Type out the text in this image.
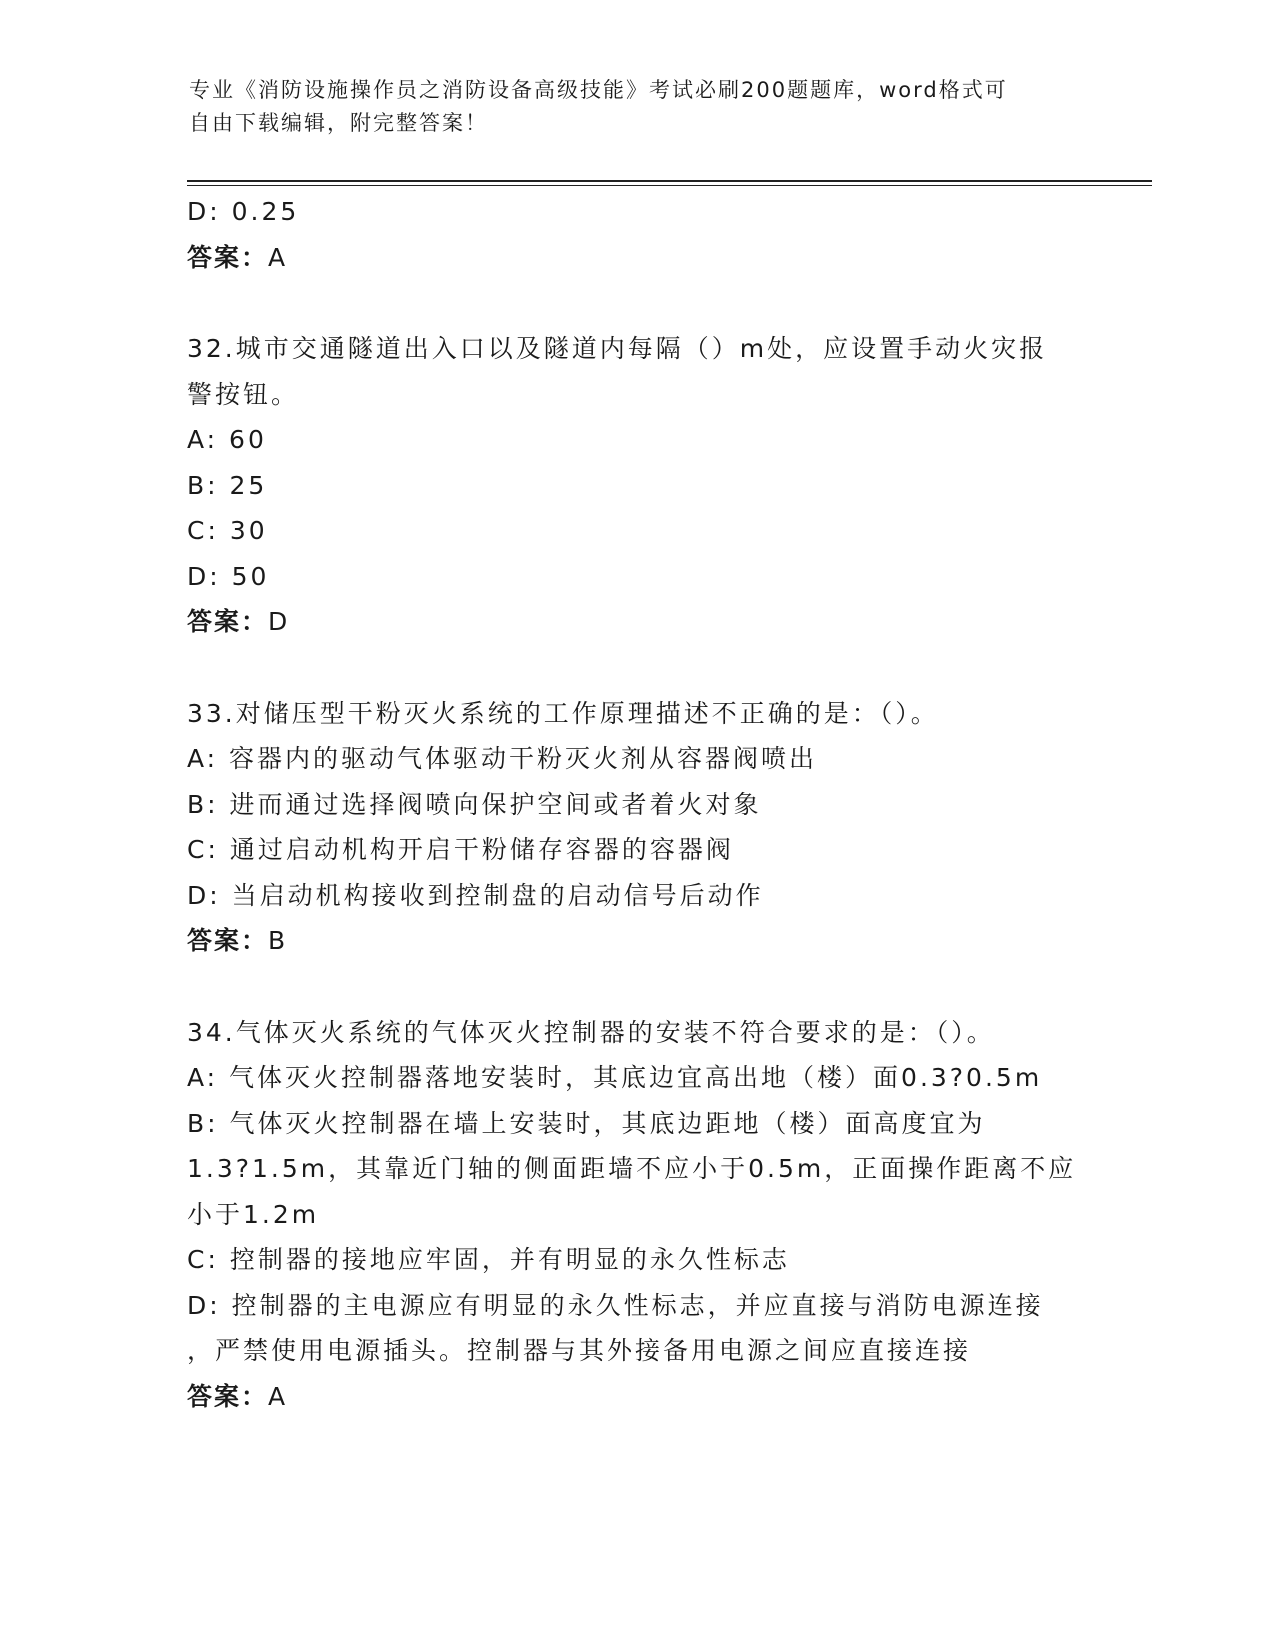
专业《消防设施操作员之消防设备高级技能》考试必刷200题题库，word格式可
自由下载编辑，附完整答案！
D: 0.25
答案：A
32.城市交通隧道出入口以及隧道内每隔（）m处，应设置手动火灾报
警按钮。
A: 60
B: 25
C: 30
D: 50
答案：D
33.对储压型干粉灭火系统的工作原理描述不正确的是：（）。
A: 容器内的驱动气体驱动干粉灭火剂从容器阀喷出
B: 进而通过选择阀喷向保护空间或者着火对象
C: 通过启动机构开启干粉储存容器的容器阀
D: 当启动机构接收到控制盘的启动信号后动作
答案：B
34.气体灭火系统的气体灭火控制器的安装不符合要求的是：（）。
A: 气体灭火控制器落地安装时，其底边宜高出地（楼）面0.3?0.5m
B: 气体灭火控制器在墙上安装时，其底边距地（楼）面高度宜为
1.3?1.5m，其靠近门轴的侧面距墙不应小于0.5m，正面操作距离不应
小于1.2m
C: 控制器的接地应牢固，并有明显的永久性标志
D: 控制器的主电源应有明显的永久性标志，并应直接与消防电源连接
，严禁使用电源插头。控制器与其外接备用电源之间应直接连接
答案：A
